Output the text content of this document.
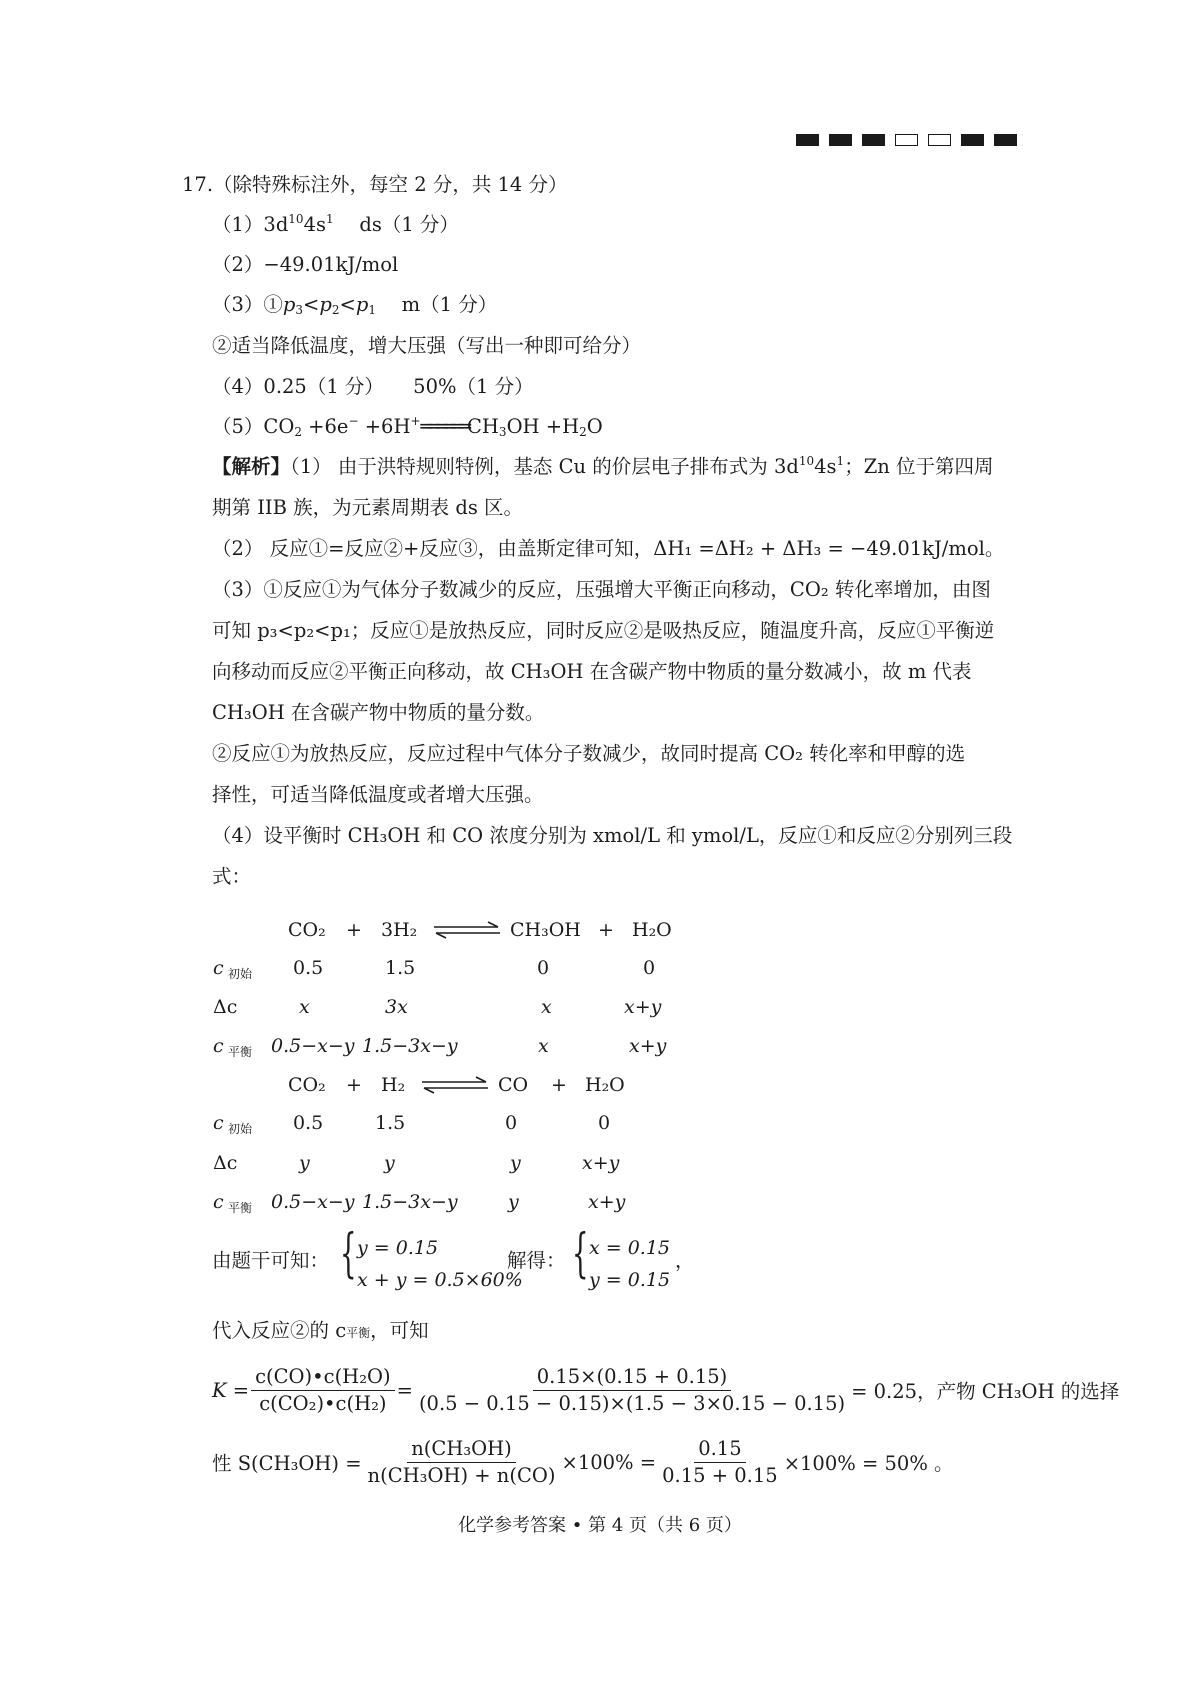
17.（除特殊标注外，每空 2 分，共 14 分）
$(1)3d^{10}4s^1$　 ds（1 分）
（2）−49.01kJ/mol
$(3)①p_3<p_2<p_1$　 m（1 分）
②适当降低温度，增大压强（写出一种即可给分）
（4）0.25（1 分）　　50%（1 分）
$(5)CO_2 +6e^-$ $+6H^+══════CH_3OH +H_2O$
【解析】（1） 由于洪特规则特例，基态 Cu 的价层电子排布式为 $3d^{10}4s^1$；Zn 位于第四周
期第 IIB 族，为元素周期表 ds 区。
（2） 反应①=反应②+反应③，由盖斯定律可知，ΔH₁ =ΔH₂ + ΔH₃ = −49.01kJ/mol。
（3）①反应①为气体分子数减少的反应，压强增大平衡正向移动，CO₂ 转化率增加，由图
可知 p₃<p₂<p₁；反应①是放热反应，同时反应②是吸热反应，随温度升高，反应①平衡逆
向移动而反应②平衡正向移动，故 CH₃OH 在含碳产物中物质的量分数减小，故 m 代表
CH₃OH 在含碳产物中物质的量分数。
②反应①为放热反应，反应过程中气体分子数减少，故同时提高 CO₂ 转化率和甲醇的选
择性，可适当降低温度或者增大压强。
（4）设平衡时 CH₃OH 和 CO 浓度分别为 xmol/L 和 ymol/L，反应①和反应②分别列三段
式：
CO₂ + 3H₂	CH₃OH + H₂O
c 初始 0.5	1.5	0	0
Δc	x	3x	x	x+y
c 平衡 0.5−x−y 1.5−3x−y	x	x+y
CO₂ + H₂	CO + H₂O
c 初始 0.5	1.5	0	0
Δc	y	y	y	x+y
c 平衡 0.5−x−y 1.5−3x−y	y	x+y
由题干可知： { y = 0.15
x + y = 0.5×60%
解得： { x = 0.15
y = 0.15
，
代入反应②的 c平衡，可知
$K = \frac{\text{c(CO)•c(H₂O)}}{\text{c(CO₂)•c(H₂)}} = \frac{0.15\times(0.15 + 0.15)}{(0.5 - 0.15 - 0.15)\times(1.5 - 3\times 0.15 - 0.15)} = 0.25$，产物 CH₃OH 的选择
性 $S(CH_3OH) = \frac{\text{n(CH₃OH)}}{\text{n(CH₃OH) + n(CO)}} \times 100\% = \frac{0.15}{0.15 + 0.15} \times 100\% = 50\%$ 。
化学参考答案 • 第 4 页（共 6 页）
